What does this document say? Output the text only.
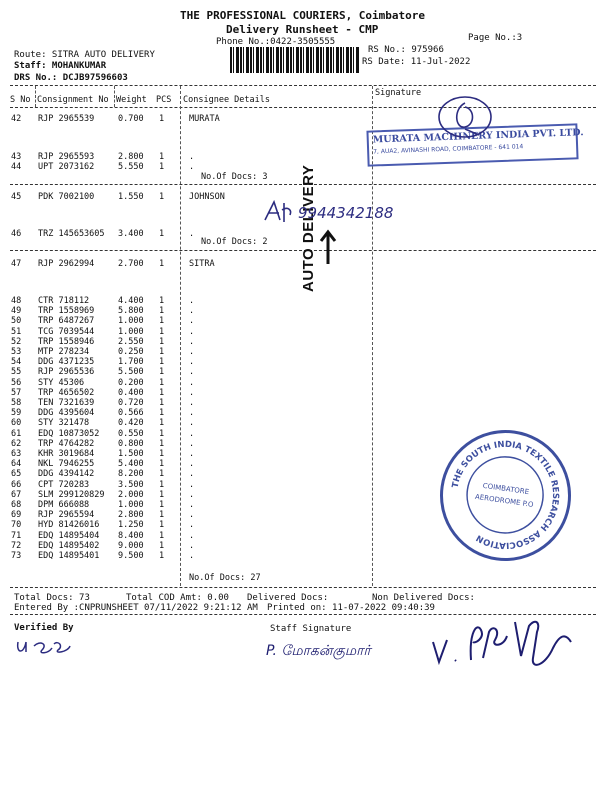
THE PROFESSIONAL COURIERS, Coimbatore
Delivery Runsheet - CMP
Phone No.:0422-3505555	Page No.:3
Route: SITRA AUTO DELIVERY
Staff: MOHANKUMAR
DRS No.: DCJB97596603
RS No.: 975966
RS Date: 11-Jul-2022
S No Consignment No Weight PCS Consignee Details
Signature
42 RJP 2965539	0.700 1	MURATA
43 RJP 2965593	2.800 1	.
44 UPT 2073162	5.550 1	.
45 PDK 7002100	1.550 1	JOHNSON
46 TRZ 145653605 3.400 1	.
47 RJP 2962994	2.700 1	SITRA
48 CTR 718112	4.400 1	.
49 TRP 1558969	5.800 1	.
50 TRP 6487267	1.000 1	.
51 TCG 7039544	1.000 1	.
52 TRP 1558946	2.550 1	.
53 MTP 278234	0.250 1	.
54 DDG 4371235	1.700 1	.
55 RJP 2965536	5.500 1	.
56 STY 45306	0.200 1	.
57 TRP 4656502	0.400 1	.
58 TEN 7321639	0.720 1	.
59 DDG 4395604	0.566 1	.
60 STY 321478	0.420 1	.
61 EDQ 10873052 0.550 1	.
62 TRP 4764282	0.800 1	.
63 KHR 3019684	1.500 1	.
64 NKL 7946255	5.400 1	.
65 DDG 4394142	8.200 1	.
66 CPT 720283	3.500 1	.
67 SLM 299120829 2.000 1	.
68 DPM 666088	1.000 1	.
69 RJP 2965594	2.800 1	.
70 HYD 81426016 1.250 1	.
71 EDQ 14895404 8.400 1	.
72 EDQ 14895402 9.000 1	.
73 EDQ 14895401 9.500 1	.
No.Of Docs: 3
No.Of Docs: 2
No.Of Docs: 27
Total Docs: 73	Total COD Amt: 0.00 Delivered Docs:	Non Delivered Docs:
Entered By :CNPRUNSHEET 07/11/2022 9:21:12 AM Printed on: 11-07-2022 09:40:39
Verified By	Staff Signature
AUTO DELIVERY
MURATA MACHINERY INDIA PVT. LTD.
7, AUA2, AVINASHI ROAD, COIMBATORE - 641 014
9944342188
THE SOUTH INDIA TEXTILE RESEARCH ASSOCIATION
COIMBATORE
AERODROME P.O
P. மோகன்குமார்
